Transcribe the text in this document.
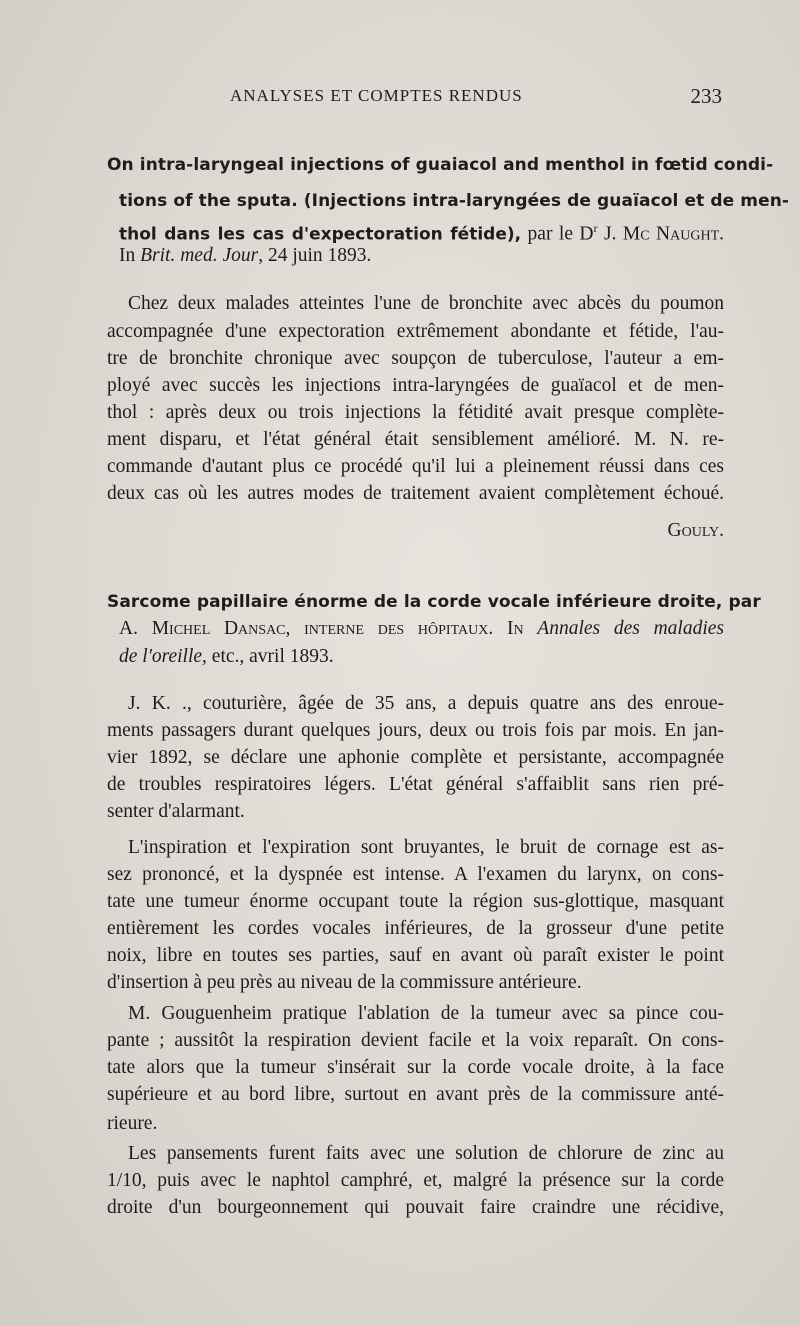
ANALYSES ET COMPTES RENDUS	233
On intra-laryngeal injections of guaiacol and menthol in fœtid condi-
tions of the sputa. (Injections intra-laryngées de guaïacol et de men-
thol dans les cas d'expectoration fétide), par le $D^r$ J. Mc Naught.
In Brit. med. Jour, 24 juin 1893.
Chez deux malades atteintes l'une de bronchite avec abcès du poumon
accompagnée d'une expectoration extrêmement abondante et fétide, l'au-
tre de bronchite chronique avec soupçon de tuberculose, l'auteur a em-
ployé avec succès les injections intra-laryngées de guaïacol et de men-
thol : après deux ou trois injections la fétidité avait presque complète-
ment disparu, et l'état général était sensiblement amélioré. M. N. re-
commande d'autant plus ce procédé qu'il lui a pleinement réussi dans ces
deux cas où les autres modes de traitement avaient complètement échoué.
Gouly.
Sarcome papillaire énorme de la corde vocale inférieure droite, par
A. Michel Dansac, interne des hôpitaux. In Annales des maladies
de l'oreille, etc., avril 1893.
J. K. ., couturière, âgée de 35 ans, a depuis quatre ans des enroue-
ments passagers durant quelques jours, deux ou trois fois par mois. En jan-
vier 1892, se déclare une aphonie complète et persistante, accompagnée
de troubles respiratoires légers. L'état général s'affaiblit sans rien pré-
senter d'alarmant.
L'inspiration et l'expiration sont bruyantes, le bruit de cornage est as-
sez prononcé, et la dyspnée est intense. A l'examen du larynx, on cons-
tate une tumeur énorme occupant toute la région sus-glottique, masquant
entièrement les cordes vocales inférieures, de la grosseur d'une petite
noix, libre en toutes ses parties, sauf en avant où paraît exister le point
d'insertion à peu près au niveau de la commissure antérieure.
M. Gouguenheim pratique l'ablation de la tumeur avec sa pince cou-
pante ; aussitôt la respiration devient facile et la voix reparaît. On cons-
tate alors que la tumeur s'insérait sur la corde vocale droite, à la face
supérieure et au bord libre, surtout en avant près de la commissure anté-
rieure.
Les pansements furent faits avec une solution de chlorure de zinc au
1/10, puis avec le naphtol camphré, et, malgré la présence sur la corde
droite d'un bourgeonnement qui pouvait faire craindre une récidive,
